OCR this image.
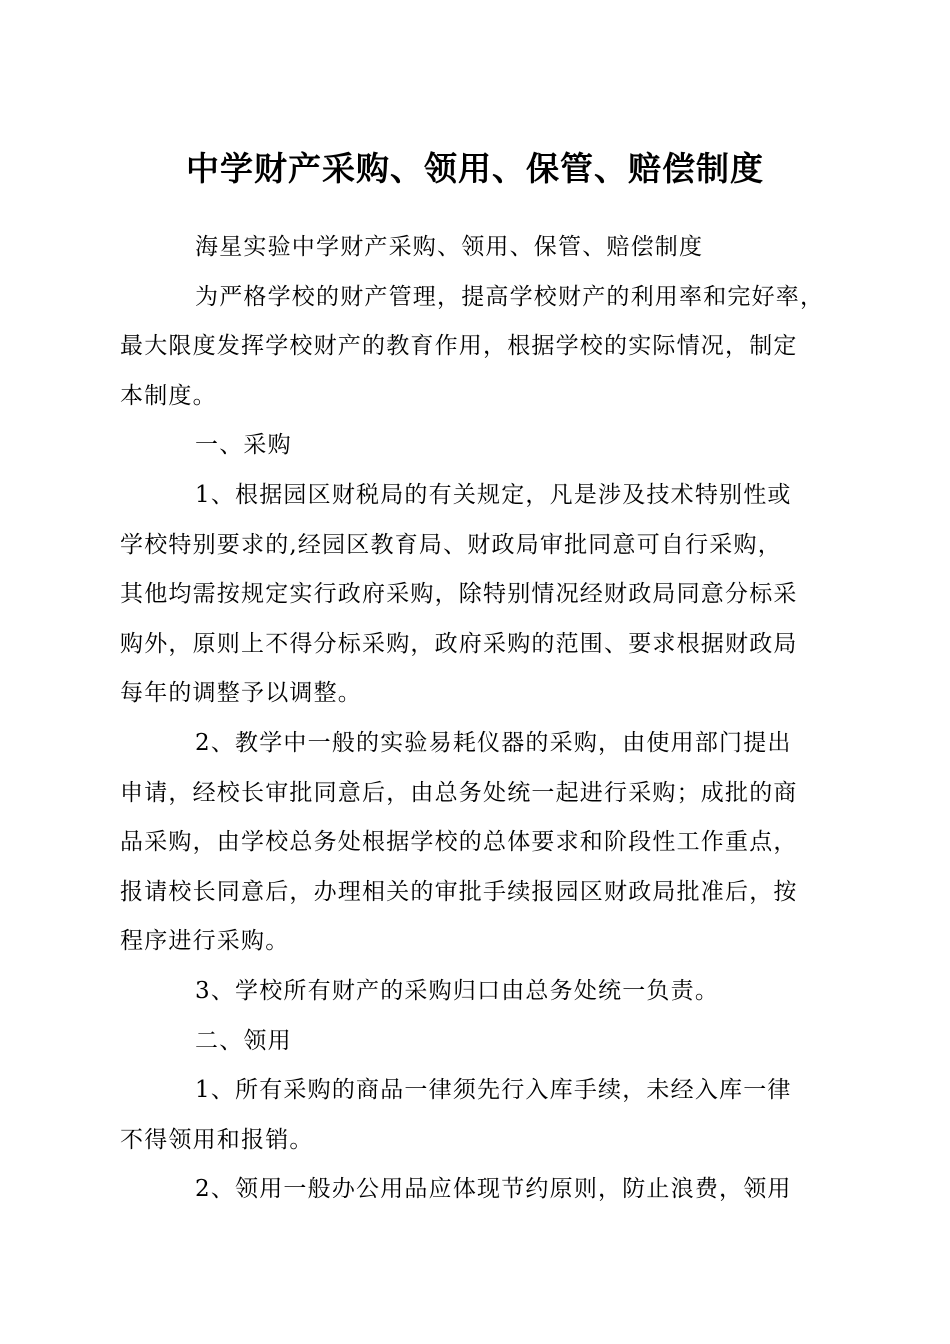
中学财产采购、领用、保管、赔偿制度
海星实验中学财产采购、领用、保管、赔偿制度
为严格学校的财产管理，提高学校财产的利用率和完好率，
最大限度发挥学校财产的教育作用，根据学校的实际情况，制定
本制度。
一、采购
1、根据园区财税局的有关规定，凡是涉及技术特别性或
学校特别要求的,经园区教育局、财政局审批同意可自行采购，
其他均需按规定实行政府采购，除特别情况经财政局同意分标采
购外，原则上不得分标采购，政府采购的范围、要求根据财政局
每年的调整予以调整。
2、教学中一般的实验易耗仪器的采购，由使用部门提出
申请，经校长审批同意后，由总务处统一起进行采购；成批的商
品采购，由学校总务处根据学校的总体要求和阶段性工作重点，
报请校长同意后，办理相关的审批手续报园区财政局批准后，按
程序进行采购。
3、学校所有财产的采购归口由总务处统一负责。
二、领用
1、所有采购的商品一律须先行入库手续，未经入库一律
不得领用和报销。
2、领用一般办公用品应体现节约原则，防止浪费，领用
